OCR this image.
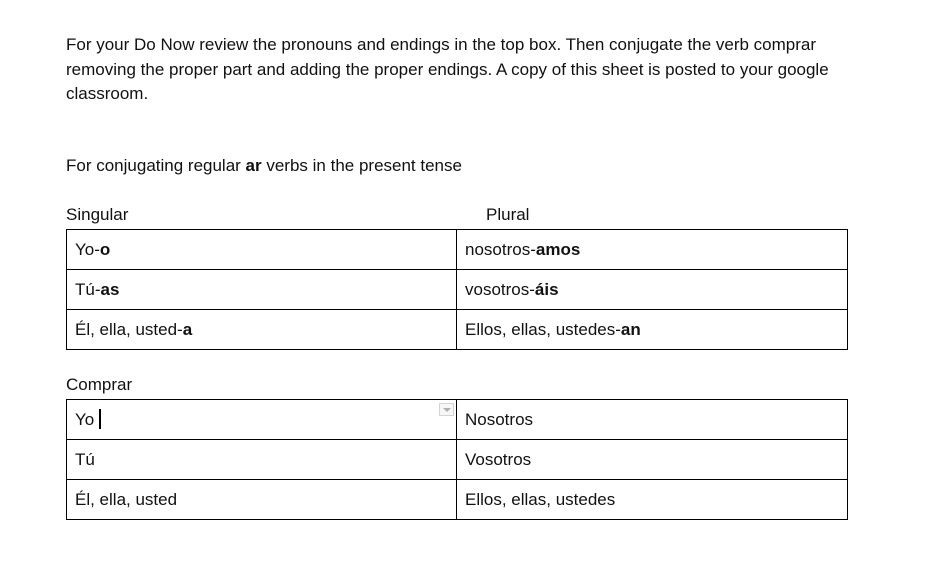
For your Do Now review the pronouns and endings in the top box. Then conjugate the verb comprar removing the proper part and adding the proper endings. A copy of this sheet is posted to your google classroom.

For conjugating regular ar verbs in the present tense

Singular	Plural
Yo-o	nosotros-amos
Tú-as	vosotros-áis
Él, ella, usted-a	Ellos, ellas, ustedes-an
Comprar
Yo	Nosotros
Tú	Vosotros
Él, ella, usted	Ellos, ellas, ustedes
